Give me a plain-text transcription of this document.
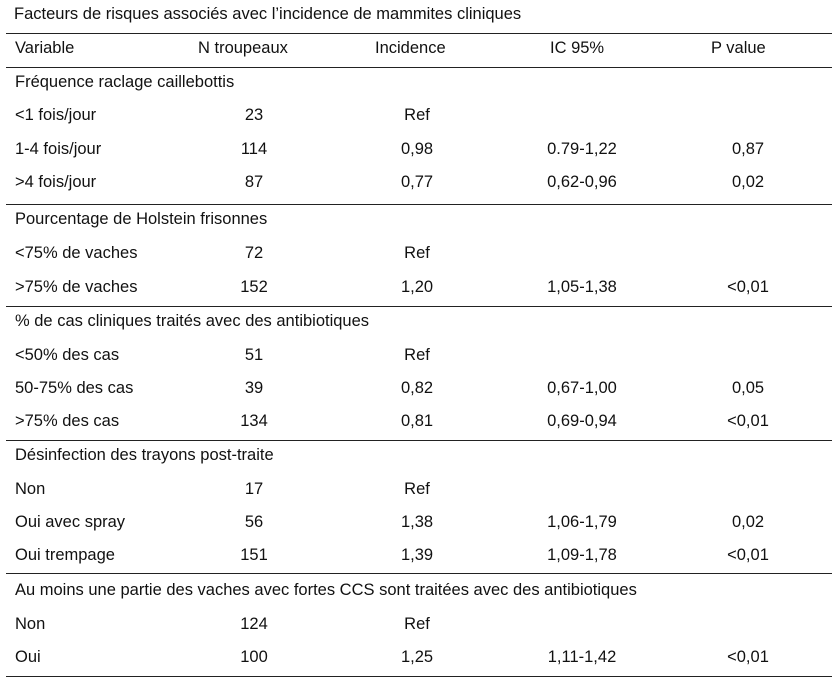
Facteurs de risques associés avec l’incidence de mammites cliniques
Variable	N troupeaux	Incidence	IC 95%	P value
Fréquence raclage caillebottis
<1 fois/jour	23	Ref
1-4 fois/jour	114	0,98	0.79-1,22	0,87
>4 fois/jour	87	0,77	0,62-0,96	0,02
Pourcentage de Holstein frisonnes
<75% de vaches	72	Ref
>75% de vaches	152	1,20	1,05-1,38	<0,01
% de cas cliniques traités avec des antibiotiques
<50% des cas	51	Ref
50-75% des cas	39	0,82	0,67-1,00	0,05
>75% des cas	134	0,81	0,69-0,94	<0,01
Désinfection des trayons post-traite
Non	17	Ref
Oui avec spray	56	1,38	1,06-1,79	0,02
Oui trempage	151	1,39	1,09-1,78	<0,01
Au moins une partie des vaches avec fortes CCS sont traitées avec des antibiotiques
Non	124	Ref
Oui	100	1,25	1,11-1,42	<0,01
